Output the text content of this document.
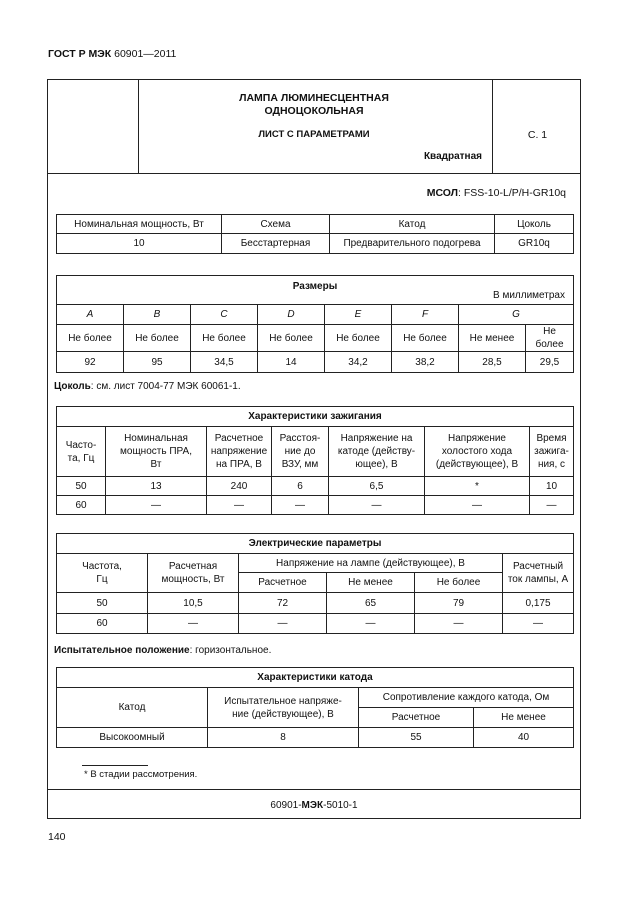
ГОСТ Р МЭК 60901—2011
ЛАМПА ЛЮМИНЕСЦЕНТНАЯ
ОДНОЦОКОЛЬНАЯ
ЛИСТ С ПАРАМЕТРАМИ	С. 1
Квадратная
МСОЛ: FSS-10-L/P/H-GR10q
Номинальная мощность, Вт	Схема	Катод	Цоколь
10	Бесстартерная	Предварительного подогрева	GR10q
Размеры
В миллиметрах							

A	B	C	D	E	F	G	
Не более	Не более	Не более	Не более	Не более	Не более	Не менее	Не более
92	95	34,5	14	34,2	38,2	28,5	29,5
Цоколь: см. лист 7004-77 МЭК 60061-1.
Характеристики зажигания						
Часто-
та, Гц	Номинальная
мощность ПРА,
Вт	Расчетное
напряжение
на ПРА, В	Расстоя-
ние до
ВЗУ, мм	Напряжение на
катоде (действу-
ющее), В	Напряжение
холостого хода
(действующее), В	Время
зажига-
ния, с
50	13	240	6	6,5	*	10
60	—	—	—	—	—	—
Электрические параметры					
Частота,
Гц	Расчетная
мощность, Вт	Напряжение на лампе (действующее), В			Расчетный
ток лампы, А
		Расчетное	Не менее	Не более	
50	10,5	72	65	79	0,175
60	—	—	—	—	—
Испытательное положение: горизонтальное.
Характеристики катода			
Катод	Испытательное напряже-
ние (действующее), В	Сопротивление каждого катода, Ом	
		Расчетное	Не менее
Высокоомный	8	55	40
* В стадии рассмотрения.
60901-МЭК-5010-1
140
